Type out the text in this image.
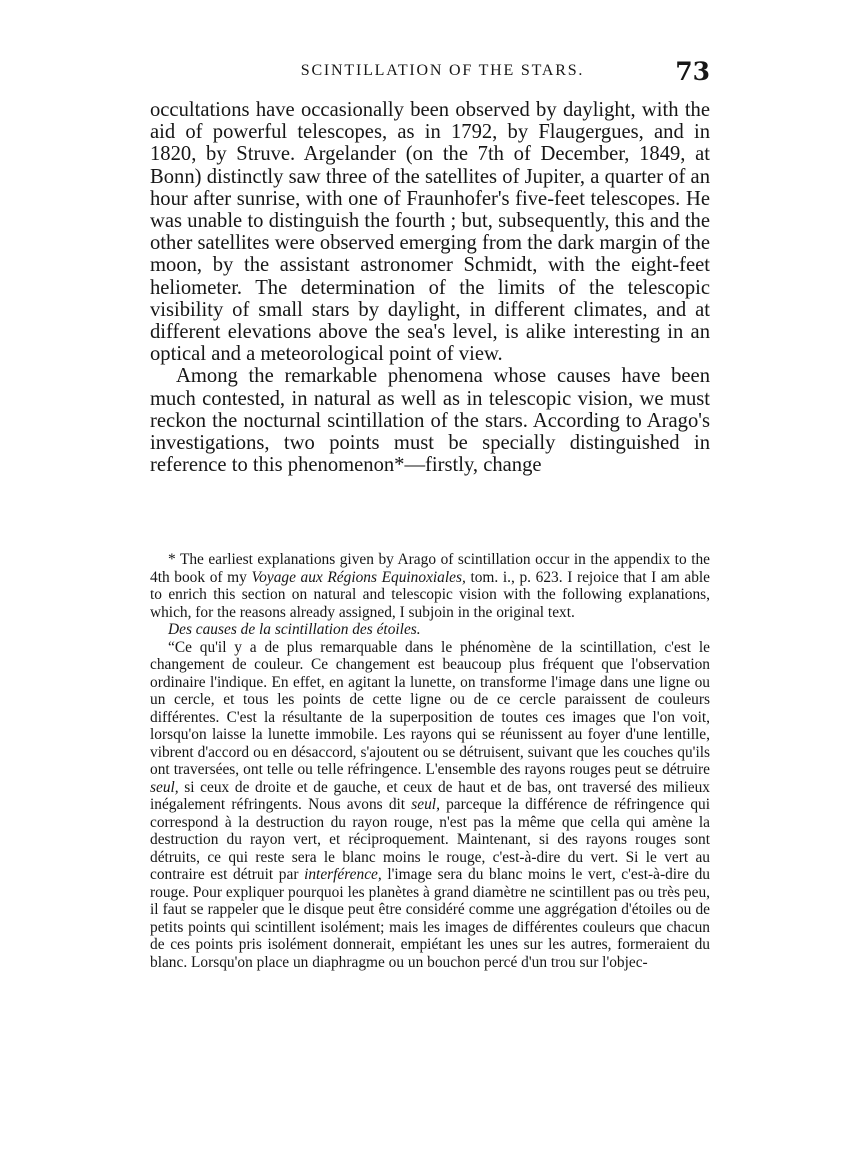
SCINTILLATION OF THE STARS.	73

occultations have occasionally been observed by daylight, with the aid of powerful telescopes, as in 1792, by Flaugergues, and in 1820, by Struve. Argelander (on the 7th of December, 1849, at Bonn) distinctly saw three of the satellites of Jupiter, a quarter of an hour after sunrise, with one of Fraunhofer's five-feet telescopes. He was unable to distinguish the fourth ; but, subsequently, this and the other satellites were observed emerging from the dark margin of the moon, by the assistant astronomer Schmidt, with the eight-feet heliometer. The determination of the limits of the telescopic visibility of small stars by daylight, in different climates, and at different elevations above the sea's level, is alike interesting in an optical and a meteorological point of view.

Among the remarkable phenomena whose causes have been much contested, in natural as well as in telescopic vision, we must reckon the nocturnal scintillation of the stars. According to Arago's investigations, two points must be specially distinguished in reference to this phenomenon*—firstly, change

* The earliest explanations given by Arago of scintillation occur in the appendix to the 4th book of my Voyage aux Régions Equinoxiales, tom. i., p. 623. I rejoice that I am able to enrich this section on natural and telescopic vision with the following explanations, which, for the reasons already assigned, I subjoin in the original text.

Des causes de la scintillation des étoiles.

“Ce qu'il y a de plus remarquable dans le phénomène de la scintillation, c'est le changement de couleur. Ce changement est beaucoup plus fréquent que l'observation ordinaire l'indique. En effet, en agitant la lunette, on transforme l'image dans une ligne ou un cercle, et tous les points de cette ligne ou de ce cercle paraissent de couleurs différentes. C'est la résultante de la superposition de toutes ces images que l'on voit, lorsqu'on laisse la lunette immobile. Les rayons qui se réunissent au foyer d'une lentille, vibrent d'accord ou en désaccord, s'ajoutent ou se détruisent, suivant que les couches qu'ils ont traversées, ont telle ou telle réfringence. L'ensemble des rayons rouges peut se détruire seul, si ceux de droite et de gauche, et ceux de haut et de bas, ont traversé des milieux inégalement réfringents. Nous avons dit seul, parceque la différence de réfringence qui correspond à la destruction du rayon rouge, n'est pas la même que cella qui amène la destruction du rayon vert, et réciproquement. Maintenant, si des rayons rouges sont détruits, ce qui reste sera le blanc moins le rouge, c'est-à-dire du vert. Si le vert au contraire est détruit par interférence, l'image sera du blanc moins le vert, c'est-à-dire du rouge. Pour expliquer pourquoi les planètes à grand diamètre ne scintillent pas ou très peu, il faut se rappeler que le disque peut être considéré comme une aggrégation d'étoiles ou de petits points qui scintillent isolément; mais les images de différentes couleurs que chacun de ces points pris isolément donnerait, empiétant les unes sur les autres, formeraient du blanc. Lorsqu'on place un diaphragme ou un bouchon percé d'un trou sur l'objec-
